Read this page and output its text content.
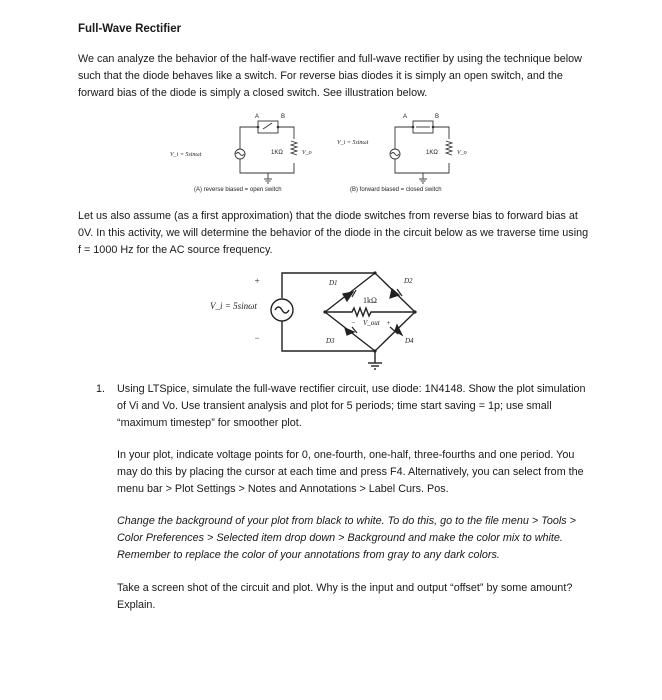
Full-Wave Rectifier
We can analyze the behavior of the half-wave rectifier and full-wave rectifier by using the technique below such that the diode behaves like a switch. For reverse bias diodes it is simply an open switch, and the forward bias of the diode is simply a closed switch. See illustration below.
V_i = 5sinωt
A	B
1KΩ	V_o
(A) reverse biased = open switch
V_i = 5sinωt
A	B
1KΩ	V_o
(B) forward biased = closed switch
Let us also assume (as a first approximation) that the diode switches from reverse bias to forward bias at 0V. In this activity, we will determine the behavior of the diode in the circuit below as we traverse time using f = 1000 Hz for the AC source frequency.
+
−
V_i = 5sinωt
D1	D2
D3	D4
1kΩ
− V_out +
1. Using LTSpice, simulate the full-wave rectifier circuit, use diode: 1N4148. Show the plot simulation of Vi and Vo. Use transient analysis and plot for 5 periods; time start saving = 1p; use small “maximum timestep” for smoother plot.
In your plot, indicate voltage points for 0, one-fourth, one-half, three-fourths and one period. You may do this by placing the cursor at each time and press F4. Alternatively, you can select from the menu bar > Plot Settings > Notes and Annotations > Label Curs. Pos.
Change the background of your plot from black to white. To do this, go to the file menu > Tools > Color Preferences > Selected item drop down > Background and make the color mix to white. Remember to replace the color of your annotations from gray to any dark colors.
Take a screen shot of the circuit and plot. Why is the input and output “offset” by some amount? Explain.
